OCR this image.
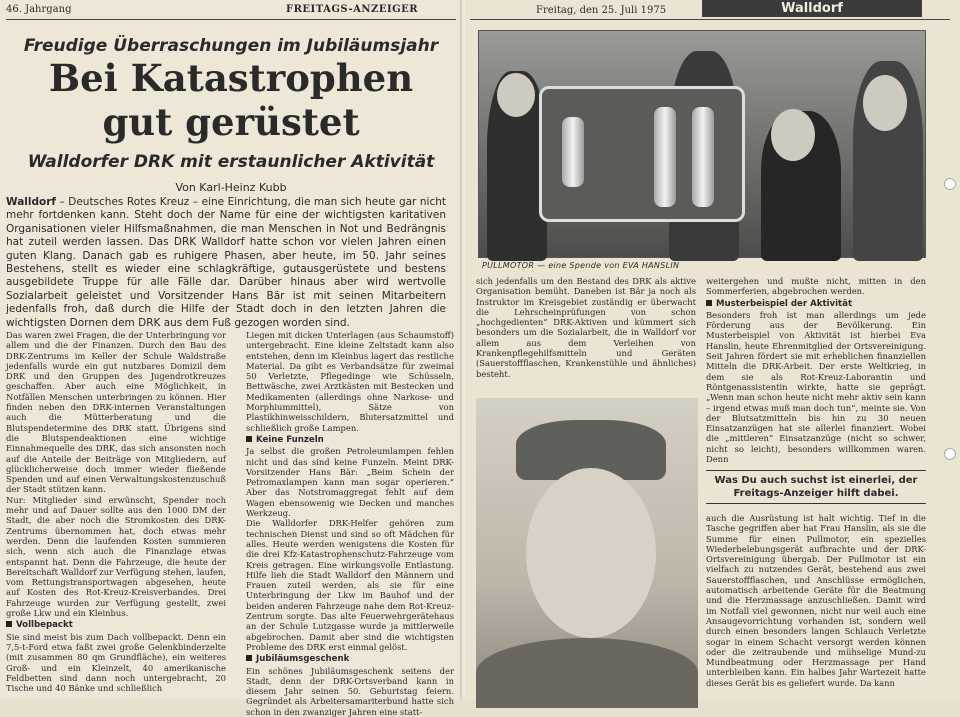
46. Jahrgang	FREITAGS-ANZEIGER
Freudige Überraschungen im Jubiläumsjahr
Bei Katastrophen
gut gerüstet
Walldorfer DRK mit erstaunlicher Aktivität
Von Karl-Heinz Kubb
Walldorf – Deutsches Rotes Kreuz – eine Einrichtung, die man sich heute gar nicht mehr fortdenken kann. Steht doch der Name für eine der wichtigsten karitativen Organisationen vieler Hilfsmaßnahmen, die man Menschen in Not und Bedrängnis hat zuteil werden lassen. Das DRK Walldorf hatte schon vor vielen Jahren einen guten Klang. Danach gab es ruhigere Phasen, aber heute, im 50. Jahr seines Bestehens, stellt es wieder eine schlagkräftige, gutausgerüstete und bestens ausgebildete Truppe für alle Fälle dar. Darüber hinaus aber wird wertvolle Sozialarbeit geleistet und Vorsitzender Hans Bär ist mit seinen Mitarbeitern jedenfalls froh, daß durch die Hilfe der Stadt doch in den letzten Jahren die wichtigsten Dornen dem DRK aus dem Fuß gezogen worden sind.

Das waren zwei Fragen, die der Unterbringung vor allem und die der Finanzen. Durch den Bau des DRK-Zentrums im Keller der Schule Waldstraße jedenfalls wurde ein gut nutzbares Domizil dem DRK und den Gruppen des Jugendrotkreuzes geschaffen. Aber auch eine Möglichkeit, in Notfällen Menschen unterbringen zu können. Hier finden neben den DRK-internen Veranstaltungen auch die Mütterberatung und die Blutspendetermine des DRK statt. Übrigens sind die Blutspendeaktionen eine wichtige Einnahmequelle des DRK, das sich ansonsten noch auf die Anteile der Beiträge von Mitgliedern, auf glücklicherweise doch immer wieder fließende Spenden und auf einen Verwaltungskostenzuschuß der Stadt stützen kann.

Nur: Mitglieder sind erwünscht, Spender noch mehr und auf Dauer sollte aus den 1000 DM der Stadt, die aber noch die Stromkosten des DRK-Zentrums übernommen hat, doch etwas mehr werden. Denn die laufenden Kosten summieren sich, wenn sich auch die Finanzlage etwas entspannt hat. Denn die Fahrzeuge, die heute der Bereitschaft Walldorf zur Verfügung stehen, laufen, vom Rettungstransportwagen abgesehen, heute auf Kosten des Rot-Kreuz-Kreisverbandes. Drei Fahrzeuge wurden zur Verfügung gestellt, zwei große Lkw und ein Kleinbus.

Vollbepackt

Sie sind meist bis zum Dach vollbepackt. Denn ein 7,5-t-Ford etwa faßt zwei große Gelenkbinderzelte (mit zusammen 80 qm Grundfläche), ein weiteres Groß- und ein Kleinzelt, 40 amerikanische Feldbetten sind dann noch untergebracht, 20 Tische und 40 Bänke und schließlich

Liegen mit dicken Unterlagen (aus Schaumstoff) untergebracht. Eine kleine Zeltstadt kann also entstehen, denn im Kleinbus lagert das restliche Material. Da gibt es Verbandsätze für zweimal 50 Verletzte, Pflegedinge wie Schüsseln, Bettwäsche, zwei Arztkästen mit Bestecken und Medikamenten (allerdings ohne Narkose- und Morphiummittel), Sätze von Plastikhinweisschildern, Blutersatzmittel und schließlich große Lampen.

Keine Funzeln

Ja selbst die großen Petroleumlampen fehlen nicht und das sind keine Funzeln. Meint DRK-Vorsitzender Hans Bär: „Beim Schein der Petromaxlampen kann man sogar operieren.“ Aber das Notstromaggregat fehlt auf dem Wagen ebensowenig wie Decken und manches Werkzeug.

Die Walldorfer DRK-Helfer gehören zum technischen Dienst und sind so oft Mädchen für alles. Heute werden wenigstens die Kosten für die drei Kfz-Katastrophenschutz-Fahrzeuge vom Kreis getragen. Eine wirkungsvolle Entlastung. Hilfe lieh die Stadt Walldorf den Männern und Frauen zuteil werden, als sie für eine Unterbringung der Lkw im Bauhof und der beiden anderen Fahrzeuge nahe dem Rot-Kreuz-Zentrum sorgte. Das alte Feuerwehrgerätehaus an der Schule Lutzgasse wurde ja mittlerweile abgebrochen. Damit aber sind die wichtigsten Probleme des DRK erst einmal gelöst.

Jubiläumsgeschenk

Ein schönes Jubiläumsgeschenk seitens der Stadt, denn der DRK-Ortsverband kann in diesem Jahr seinen 50. Geburtstag feiern. Gegründet als Arbeitersamariterbund hatte sich schon in den zwanziger Jahren eine statt-

Freitag, den 25. Juli 1975	Walldorf
PULLMOTOR — eine Spende von EVA HANSLIN

sich jedenfalls um den Bestand des DRK als aktive Organisation bemüht. Daneben ist Bär ja noch als Instruktor im Kreisgebiet zuständig er überwacht die Lehrscheinprüfungen von schon „hochgedienten“ DRK-Aktiven und kümmert sich besonders um die Sozialarbeit, die in Walldorf vor allem aus dem Verleihen von Krankenpflegehilfsmitteln und Geräten (Sauerstoffflaschen, Krankenstühle und ähnliches) besteht.

weitergehen und mußte nicht, mitten in den Sommerferien, abgebrochen werden.

Musterbeispiel der Aktivität

Besonders froh ist man allerdings um jede Förderung aus der Bevölkerung. Ein Musterbeispiel von Aktivität ist hierbei Eva Hanslin, heute Ehrenmitglied der Ortsvereinigung. Seit Jahren fördert sie mit erheblichen finanziellen Mitteln die DRK-Arbeit. Der erste Weltkrieg, in dem sie als Rot-Kreuz-Laborantin und Röntgenassistentin wirkte, hatte sie geprägt. „Wenn man schon heute nicht mehr aktiv sein kann – irgend etwas muß man doch tun“, meinte sie. Von der Blutsatzmitteln bis hin zu 30 neuen Einsatzanzügen hat sie allerlei finanziert. Wobei die „mittleren“ Einsatzanzüge (nicht so schwer, nicht so leicht), besonders willkommen waren. Denn

Was Du auch suchst ist einerlei, der Freitags-Anzeiger hilft dabei.

auch die Ausrüstung ist halt wichtig. Tief in die Tasche gegriffen aber hat Frau Hanslin, als sie die Summe für einen Pullmotor, ein spezielles Wiederbelebungsgerät aufbrachte und der DRK-Ortsvereinigung übergab. Der Pullmotor ist ein vielfach zu nutzendes Gerät, bestehend aus zwei Sauerstoffflaschen, und Anschlüsse ermöglichen, automatisch arbeitende Geräte für die Beatmung und die Herzmassage anzuschließen. Damit wird im Notfall viel gewonnen, nicht nur weil auch eine Ansaugevorrichtung vorhanden ist, sondern weil durch einen besonders langen Schlauch Verletzte sogar in einem Schacht versorgt werden können oder die zeitraubende und mühselige Mund-zu Mundbeatmung oder Herzmassage per Hand unterbleiben kann. Ein halbes Jahr Wartezeit hatte dieses Gerät bis es geliefert wurde. Da kann
